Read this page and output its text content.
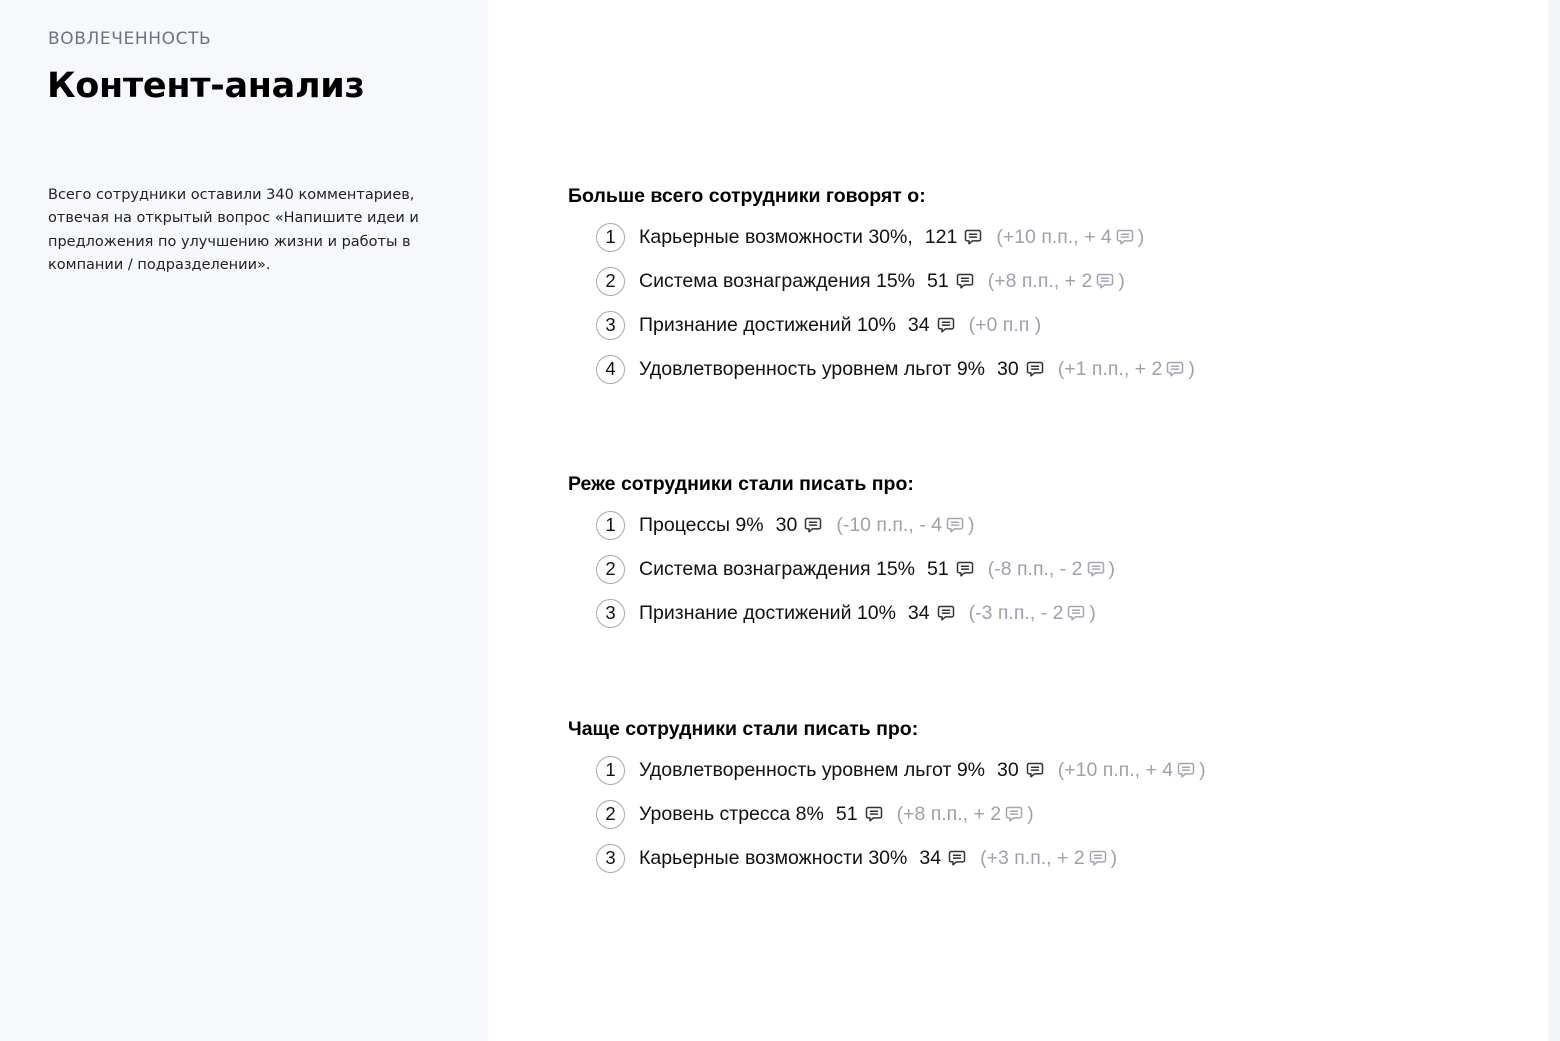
ВОВЛЕЧЕННОСТЬ
Контент-анализ
Всего сотрудники оставили 340 комментариев, отвечая на открытый вопрос «Напишите идеи и предложения по улучшению жизни и работы в компании / подразделении».
Больше всего сотрудники говорят о:
1 Карьерные возможности 30%, 121 (+10 п.п., + 4 )
2 Система вознаграждения 15% 51 (+8 п.п., + 2 )
3 Признание достижений 10% 34 (+0 п.п )
4 Удовлетворенность уровнем льгот 9% 30 (+1 п.п., + 2 )
Реже сотрудники стали писать про:
1 Процессы 9% 30 (-10 п.п., - 4 )
2 Система вознаграждения 15% 51 (-8 п.п., - 2 )
3 Признание достижений 10% 34 (-3 п.п., - 2 )
Чаще сотрудники стали писать про:
1 Удовлетворенность уровнем льгот 9% 30 (+10 п.п., + 4 )
2 Уровень стресса 8% 51 (+8 п.п., + 2 )
3 Карьерные возможности 30% 34 (+3 п.п., + 2 )
